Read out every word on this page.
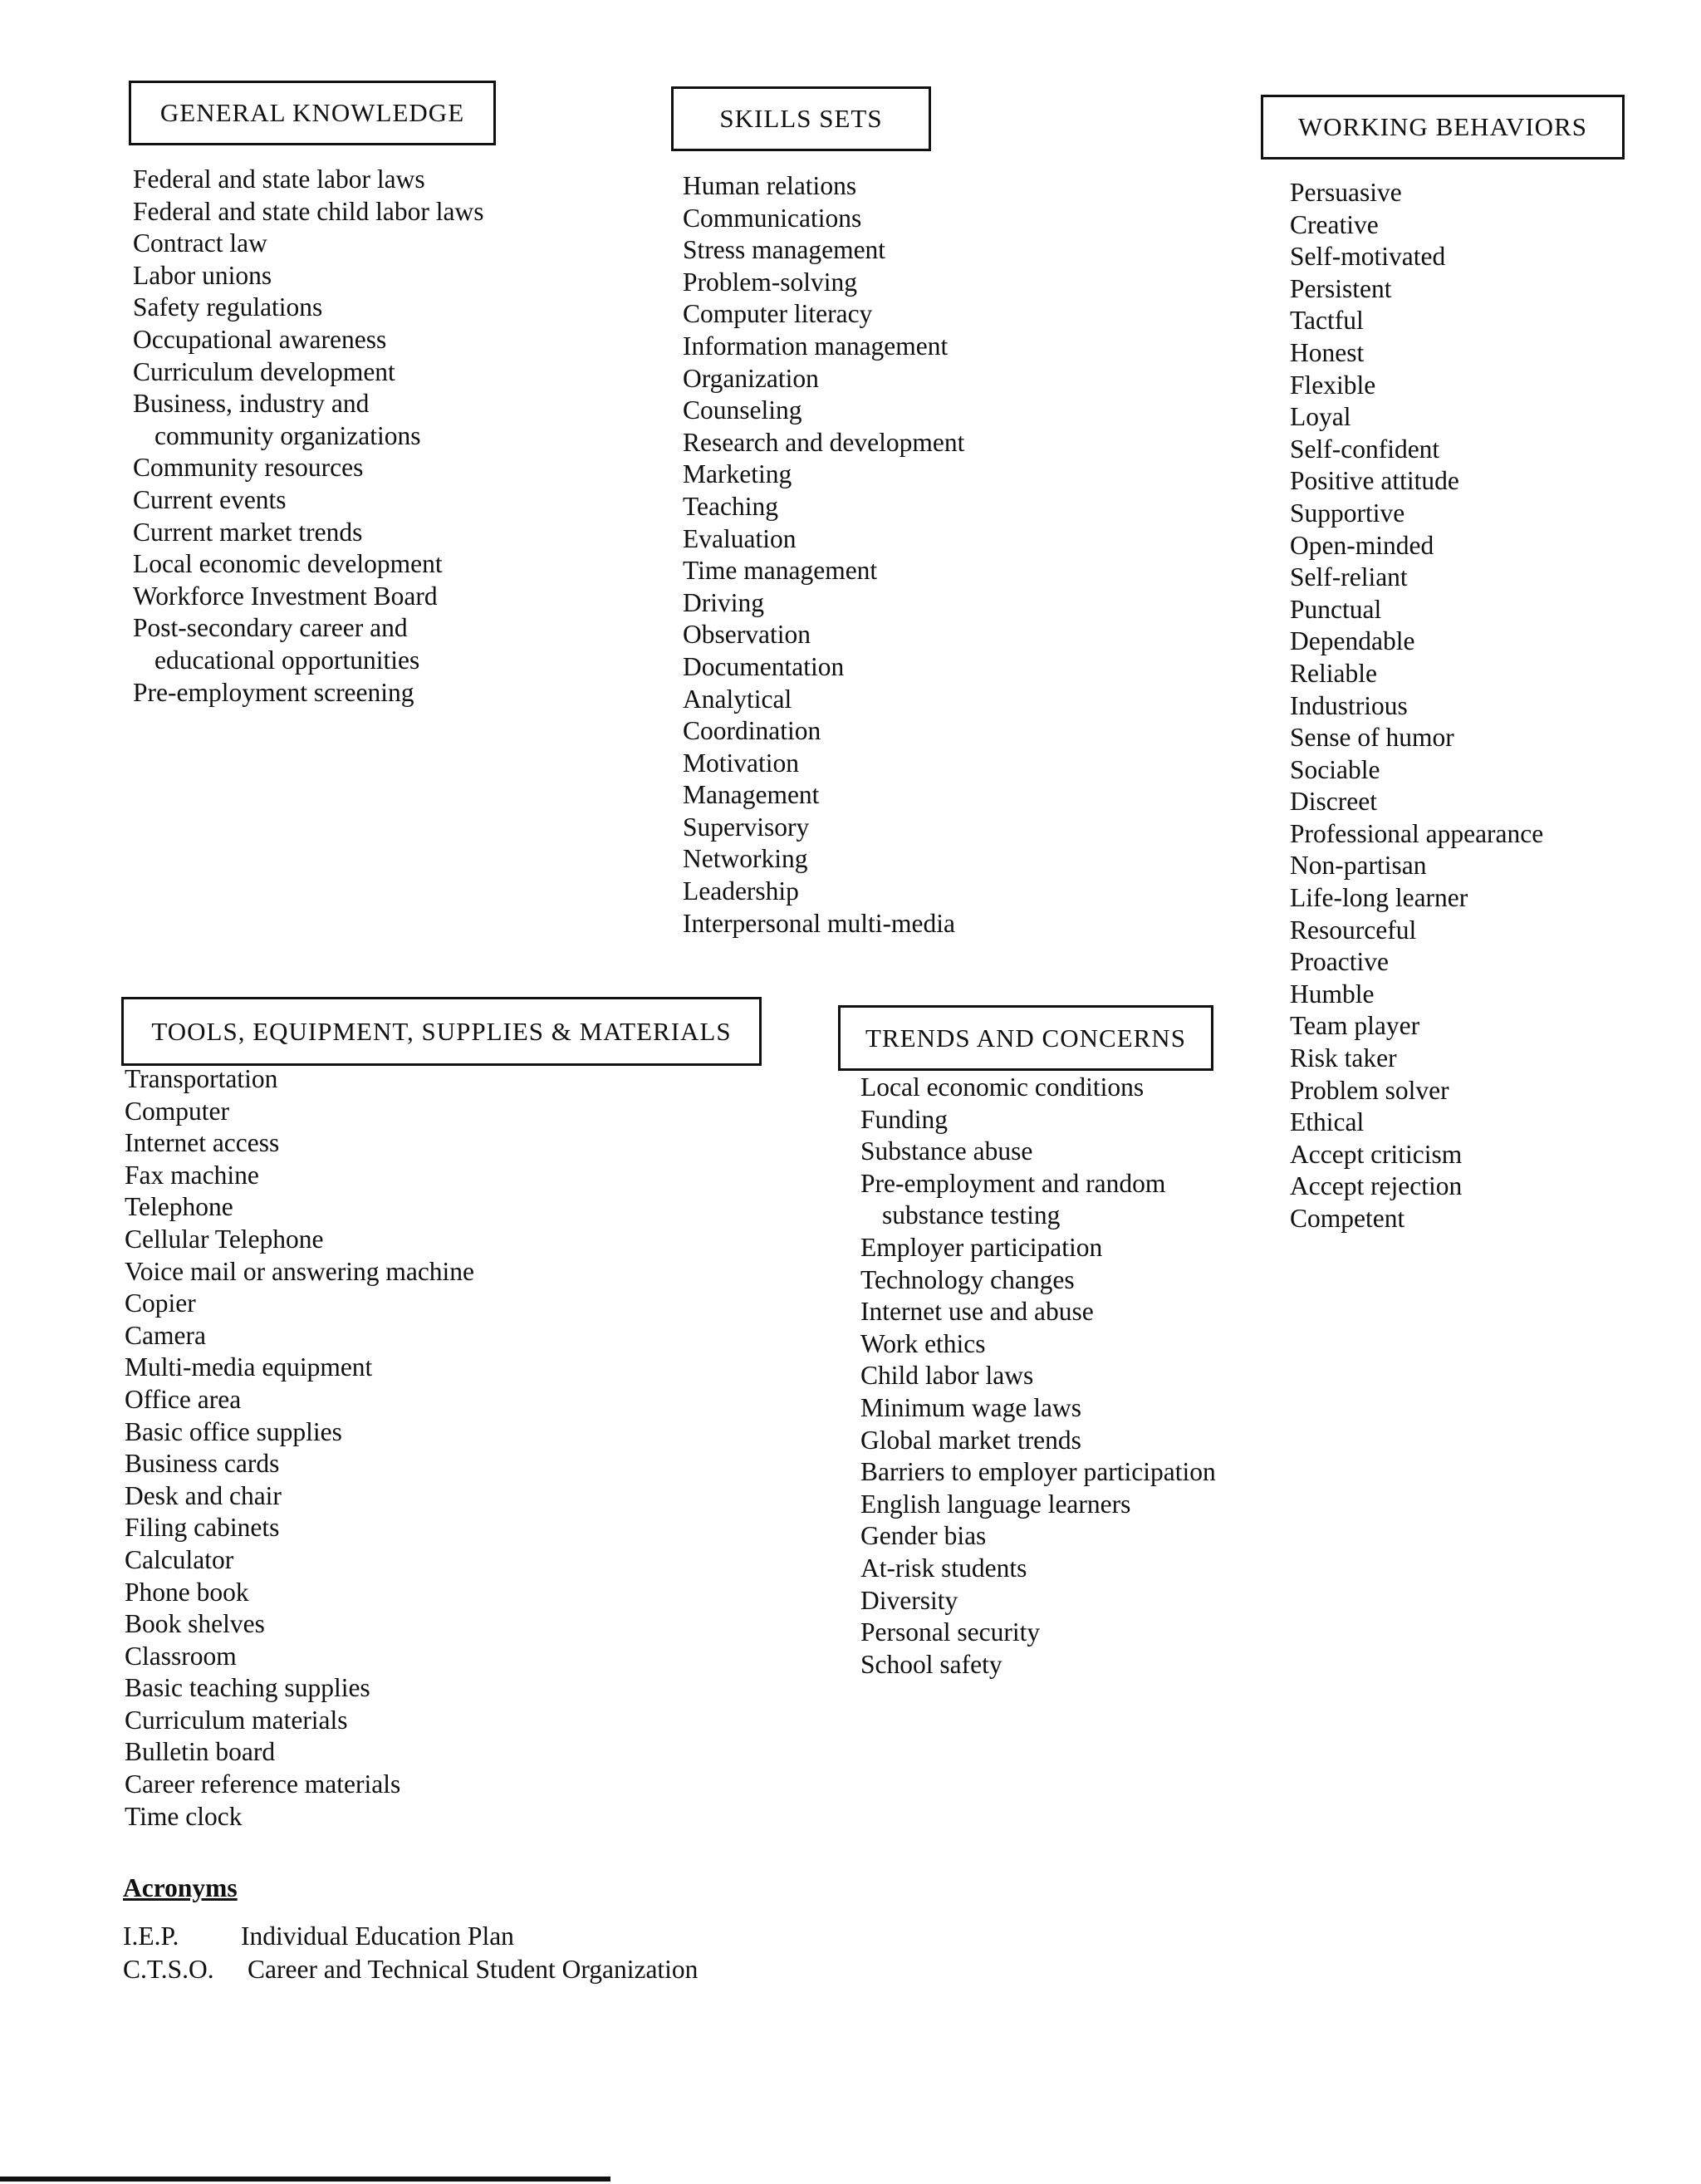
GENERAL KNOWLEDGE
Federal and state labor laws
Federal and state child labor laws
Contract law
Labor unions
Safety regulations
Occupational awareness
Curriculum development
Business, industry and
community organizations
Community resources
Current events
Current market trends
Local economic development
Workforce Investment Board
Post-secondary career and
educational opportunities
Pre-employment screening
SKILLS SETS
Human relations
Communications
Stress management
Problem-solving
Computer literacy
Information management
Organization
Counseling
Research and development
Marketing
Teaching
Evaluation
Time management
Driving
Observation
Documentation
Analytical
Coordination
Motivation
Management
Supervisory
Networking
Leadership
Interpersonal multi-media
WORKING BEHAVIORS
Persuasive
Creative
Self-motivated
Persistent
Tactful
Honest
Flexible
Loyal
Self-confident
Positive attitude
Supportive
Open-minded
Self-reliant
Punctual
Dependable
Reliable
Industrious
Sense of humor
Sociable
Discreet
Professional appearance
Non-partisan
Life-long learner
Resourceful
Proactive
Humble
Team player
Risk taker
Problem solver
Ethical
Accept criticism
Accept rejection
Competent
TOOLS, EQUIPMENT, SUPPLIES & MATERIALS
Transportation
Computer
Internet access
Fax machine
Telephone
Cellular Telephone
Voice mail or answering machine
Copier
Camera
Multi-media equipment
Office area
Basic office supplies
Business cards
Desk and chair
Filing cabinets
Calculator
Phone book
Book shelves
Classroom
Basic teaching supplies
Curriculum materials
Bulletin board
Career reference materials
Time clock
TRENDS AND CONCERNS
Local economic conditions
Funding
Substance abuse
Pre-employment and random
substance testing
Employer participation
Technology changes
Internet use and abuse
Work ethics
Child labor laws
Minimum wage laws
Global market trends
Barriers to employer participation
English language learners
Gender bias
At-risk students
Diversity
Personal security
School safety

Acronyms

I.E.P. Individual Education Plan
C.T.S.O. Career and Technical Student Organization
